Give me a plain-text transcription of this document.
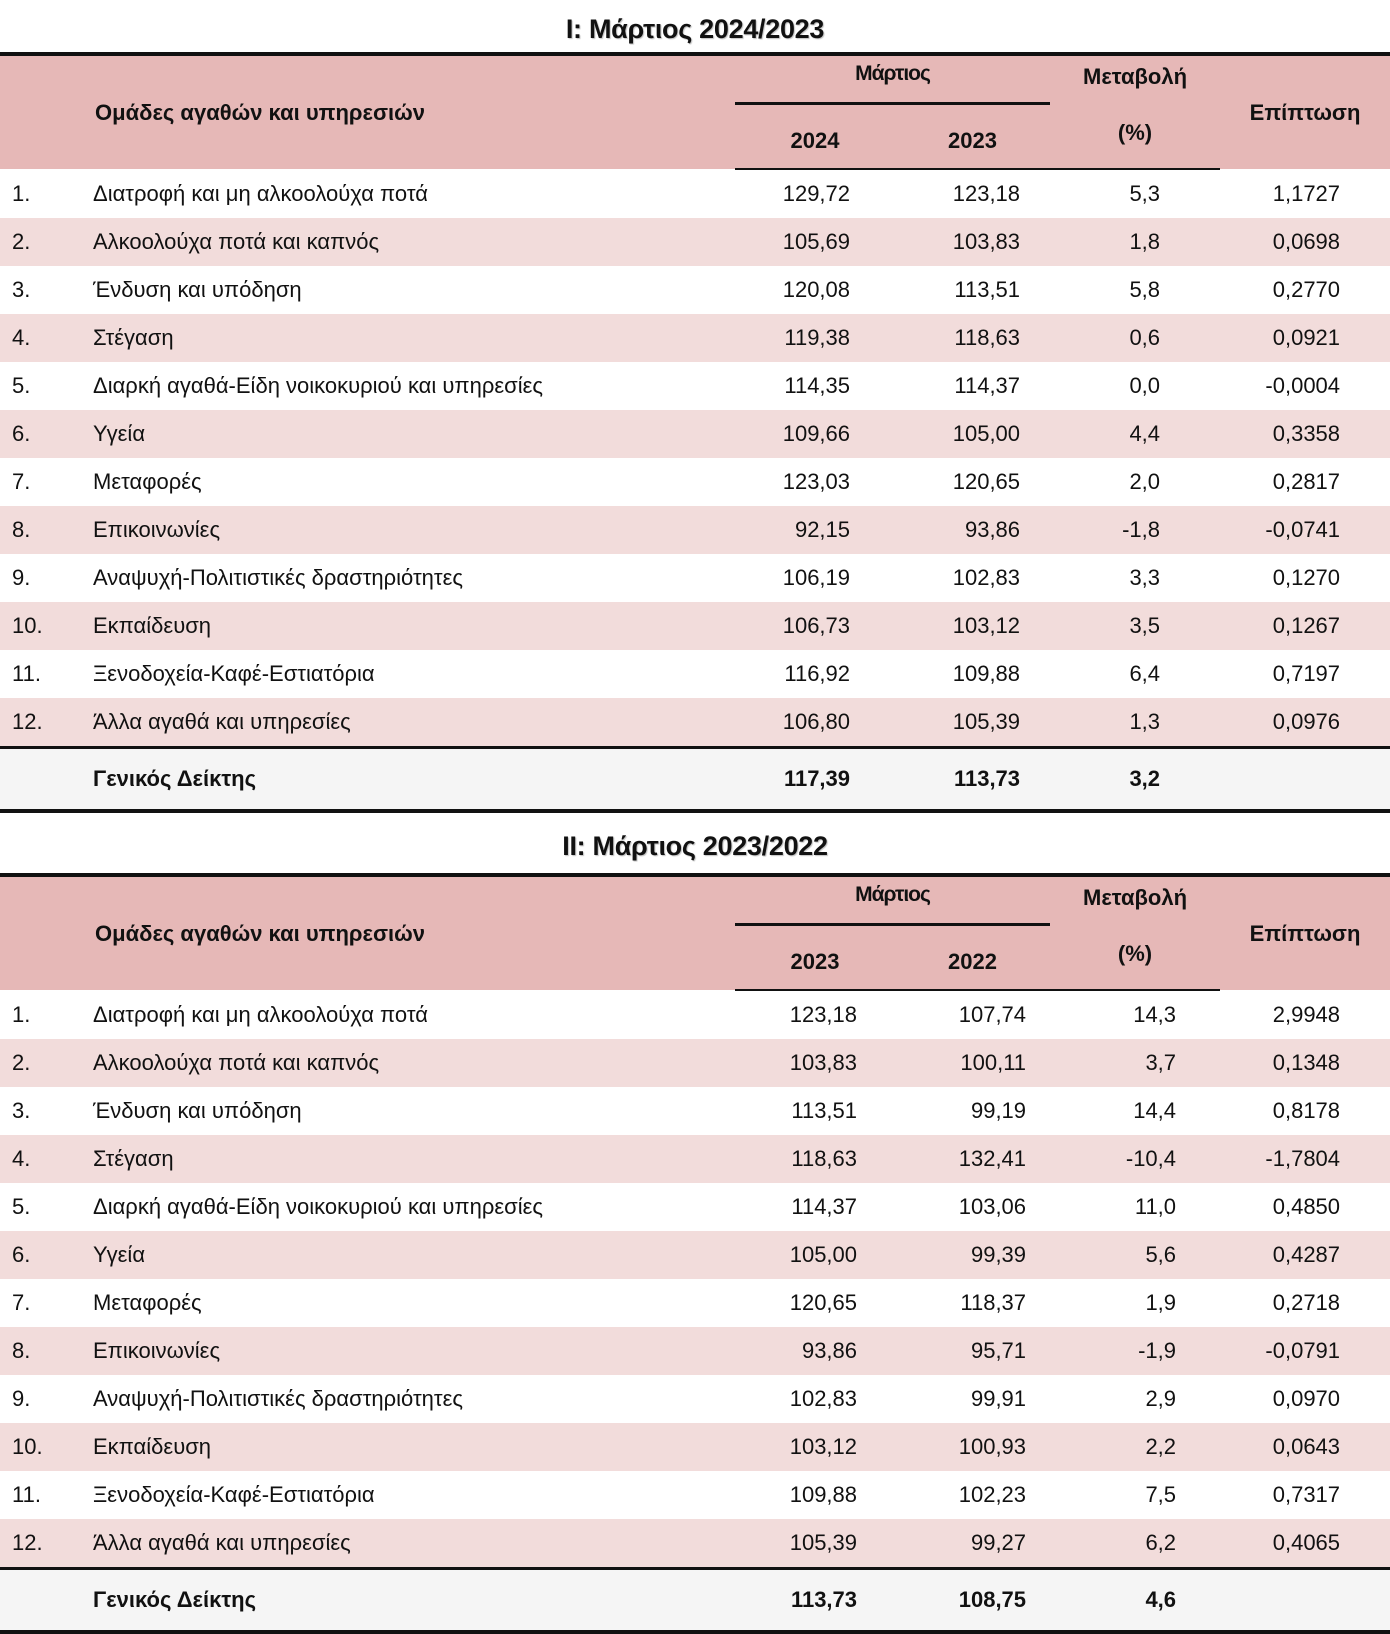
I: Μάρτιος 2024/2023
Ομάδες αγαθών και υπηρεσιών		Μάρτιος		Μεταβολή	Επίπτωση
		2024	2023	(%)	
1.	Διατροφή και μη αλκοολούχα ποτά	129,72	123,18	5,3	1,1727
2.	Αλκοολούχα ποτά και καπνός	105,69	103,83	1,8	0,0698
3.	Ένδυση και υπόδηση	120,08	113,51	5,8	0,2770
4.	Στέγαση	119,38	118,63	0,6	0,0921
5.	Διαρκή αγαθά-Είδη νοικοκυριού και υπηρεσίες	114,35	114,37	0,0	-0,0004
6.	Υγεία	109,66	105,00	4,4	0,3358
7.	Μεταφορές	123,03	120,65	2,0	0,2817
8.	Επικοινωνίες	92,15	93,86	-1,8	-0,0741
9.	Αναψυχή-Πολιτιστικές δραστηριότητες	106,19	102,83	3,3	0,1270
10.	Εκπαίδευση	106,73	103,12	3,5	0,1267
11.	Ξενοδοχεία-Καφέ-Εστιατόρια	116,92	109,88	6,4	0,7197
12.	Άλλα αγαθά και υπηρεσίες	106,80	105,39	1,3	0,0976
	Γενικός Δείκτης	117,39	113,73	3,2	
II: Μάρτιος 2023/2022
Ομάδες αγαθών και υπηρεσιών		Μάρτιος		Μεταβολή	Επίπτωση
		2023	2022	(%)	
1.	Διατροφή και μη αλκοολούχα ποτά	123,18	107,74	14,3	2,9948
2.	Αλκοολούχα ποτά και καπνός	103,83	100,11	3,7	0,1348
3.	Ένδυση και υπόδηση	113,51	99,19	14,4	0,8178
4.	Στέγαση	118,63	132,41	-10,4	-1,7804
5.	Διαρκή αγαθά-Είδη νοικοκυριού και υπηρεσίες	114,37	103,06	11,0	0,4850
6.	Υγεία	105,00	99,39	5,6	0,4287
7.	Μεταφορές	120,65	118,37	1,9	0,2718
8.	Επικοινωνίες	93,86	95,71	-1,9	-0,0791
9.	Αναψυχή-Πολιτιστικές δραστηριότητες	102,83	99,91	2,9	0,0970
10.	Εκπαίδευση	103,12	100,93	2,2	0,0643
11.	Ξενοδοχεία-Καφέ-Εστιατόρια	109,88	102,23	7,5	0,7317
12.	Άλλα αγαθά και υπηρεσίες	105,39	99,27	6,2	0,4065
	Γενικός Δείκτης	113,73	108,75	4,6	
